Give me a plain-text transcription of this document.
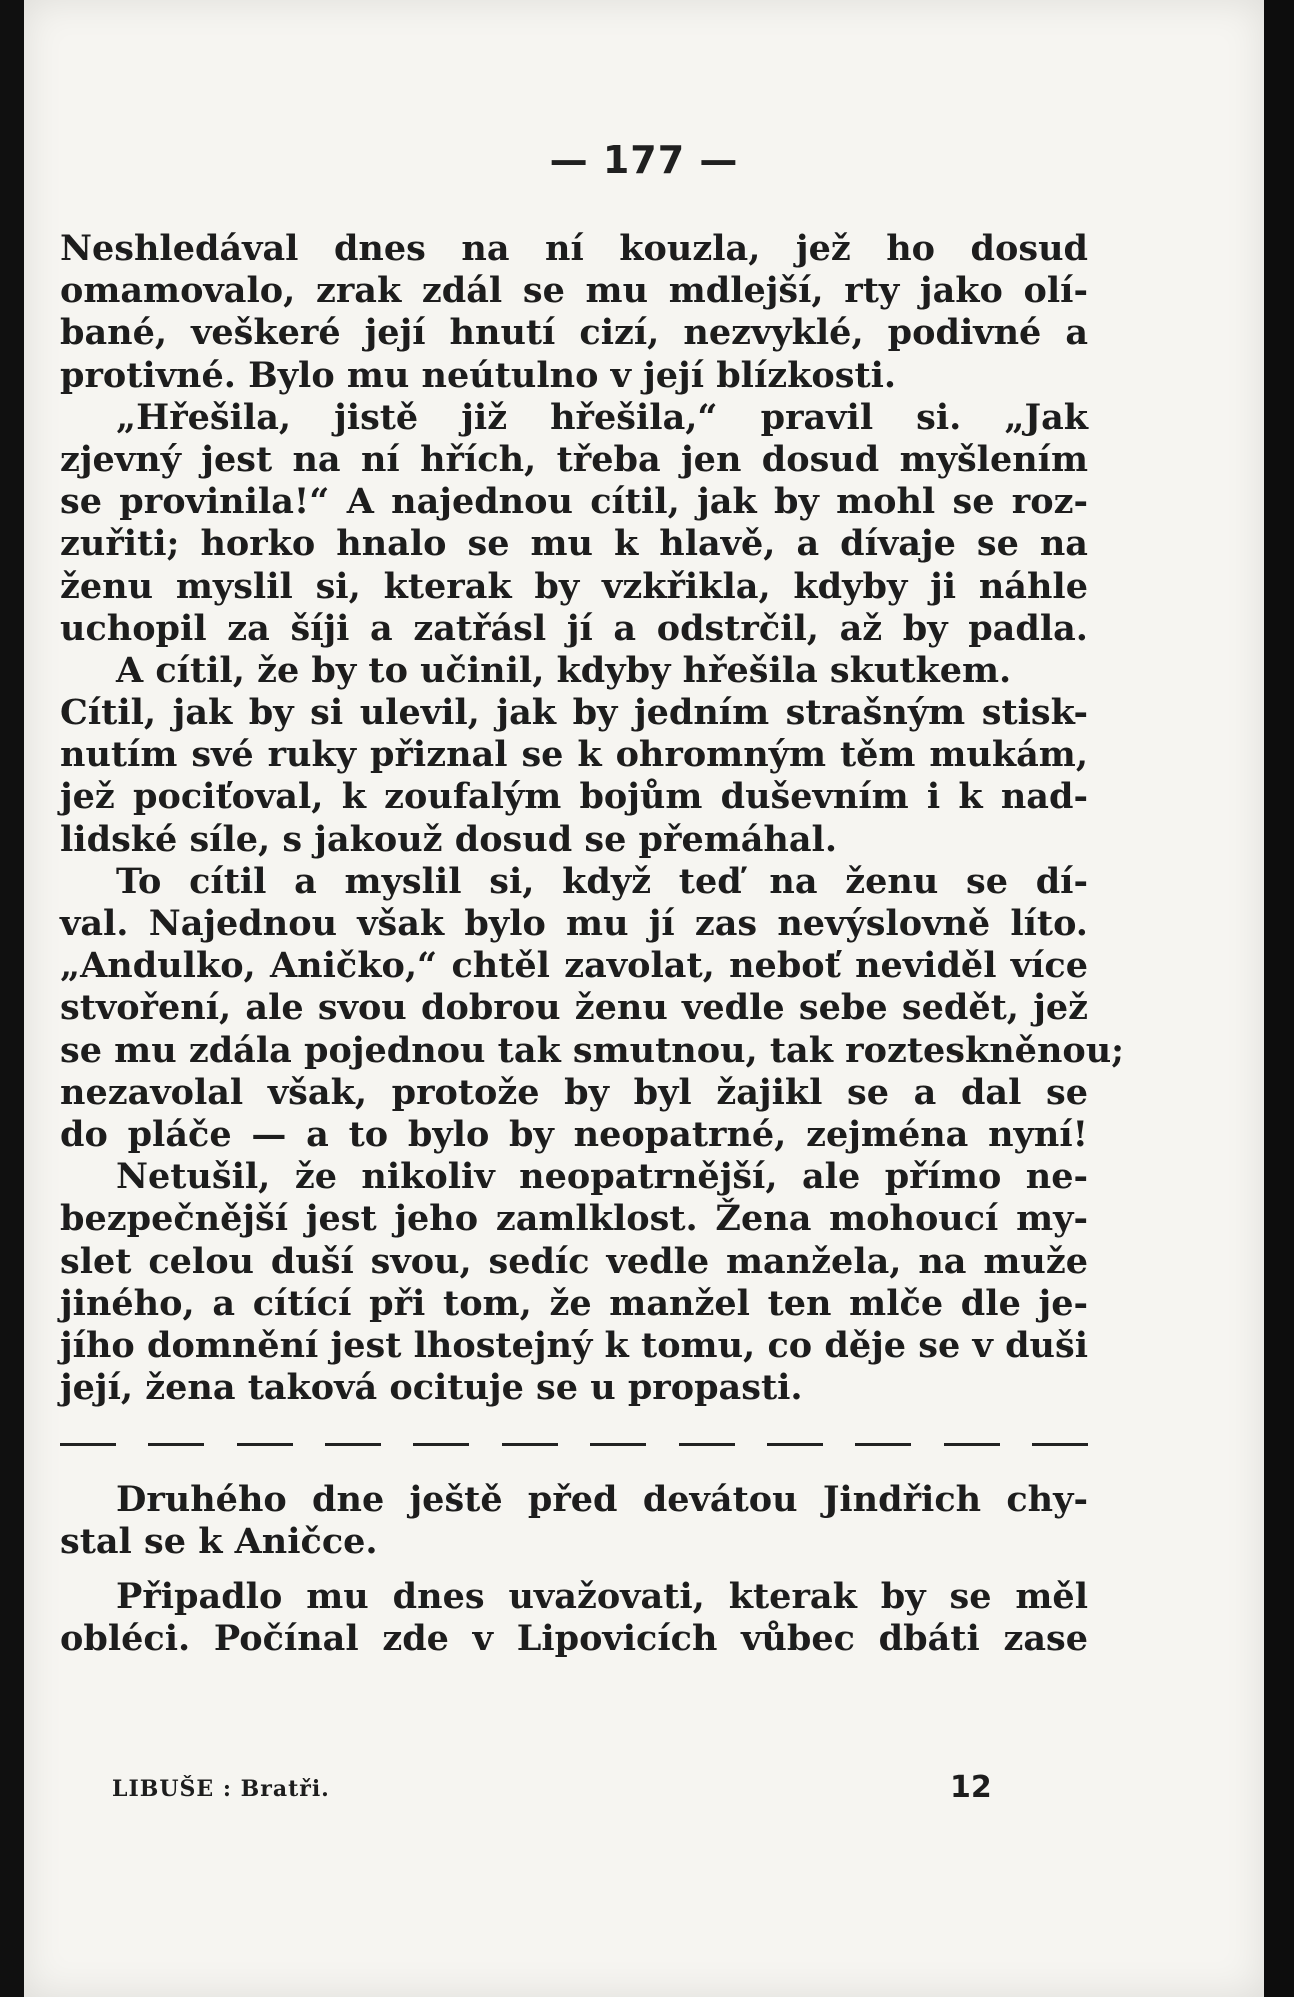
— 177 —
Neshledával dnes na ní kouzla, jež ho dosud
omamovalo, zrak zdál se mu mdlejší, rty jako olí-
bané, veškeré její hnutí cizí, nezvyklé, podivné a
protivné. Bylo mu neútulno v její blízkosti.
„Hřešila, jistě již hřešila,“ pravil si. „Jak
zjevný jest na ní hřích, třeba jen dosud myšlením
se provinila!“ A najednou cítil, jak by mohl se roz-
zuřiti; horko hnalo se mu k hlavě, a dívaje se na
ženu myslil si, kterak by vzkřikla, kdyby ji náhle
uchopil za šíji a zatřásl jí a odstrčil, až by padla.
A cítil, že by to učinil, kdyby hřešila skutkem.
Cítil, jak by si ulevil, jak by jedním strašným stisk-
nutím své ruky přiznal se k ohromným těm mukám,
jež pociťoval, k zoufalým bojům duševním i k nad-
lidské síle, s jakouž dosud se přemáhal.
To cítil a myslil si, když teď na ženu se dí-
val. Najednou však bylo mu jí zas nevýslovně líto.
„Andulko, Aničko,“ chtěl zavolat, neboť neviděl více
stvoření, ale svou dobrou ženu vedle sebe sedět, jež
se mu zdála pojednou tak smutnou, tak rozteskněnou;
nezavolal však, protože by byl žajikl se a dal se
do pláče — a to bylo by neopatrné, zejména nyní!
Netušil, že nikoliv neopatrnější, ale přímo ne-
bezpečnější jest jeho zamlklost. Žena mohoucí my-
slet celou duší svou, sedíc vedle manžela, na muže
jiného, a cítící při tom, že manžel ten mlče dle je-
jího domnění jest lhostejný k tomu, co děje se v duši
její, žena taková ocituje se u propasti.
Druhého dne ještě před devátou Jindřich chy-
stal se k Aničce.
Připadlo mu dnes uvažovati, kterak by se měl
obléci. Počínal zde v Lipovicích vůbec dbáti zase
LIBUŠE : Bratři.	12
